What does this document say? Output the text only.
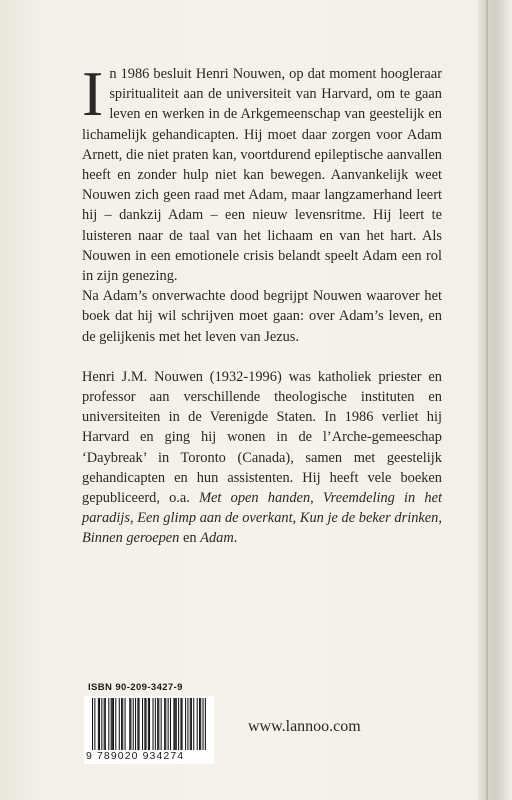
In 1986 besluit Henri Nouwen, op dat moment hoogleraar spiritualiteit aan de universiteit van Harvard, om te gaan leven en werken in de Arkgemeenschap van geestelijk en lichamelijk gehandicapten. Hij moet daar zorgen voor Adam Arnett, die niet praten kan, voortdurend epileptische aanvallen heeft en zonder hulp niet kan bewegen. Aanvankelijk weet Nouwen zich geen raad met Adam, maar langzamerhand leert hij – dankzij Adam – een nieuw levensritme. Hij leert te luisteren naar de taal van het lichaam en van het hart. Als Nouwen in een emotionele crisis belandt speelt Adam een rol in zijn genezing.
Na Adam’s onverwachte dood begrijpt Nouwen waarover het boek dat hij wil schrijven moet gaan: over Adam’s leven, en de gelijkenis met het leven van Jezus.
Henri J.M. Nouwen (1932-1996) was katholiek priester en professor aan verschillende theologische instituten en universiteiten in de Verenigde Staten. In 1986 verliet hij Harvard en ging hij wonen in de l’Arche-gemeeschap ‘Daybreak’ in Toronto (Canada), samen met geestelijk gehandicapten en hun assistenten. Hij heeft vele boeken gepubliceerd, o.a. Met open handen, Vreemdeling in het paradijs, Een glimp aan de overkant, Kun je de beker drinken, Binnen geroepen en Adam.
ISBN 90-209-3427-9
9 789020 934274
www.lannoo.com
